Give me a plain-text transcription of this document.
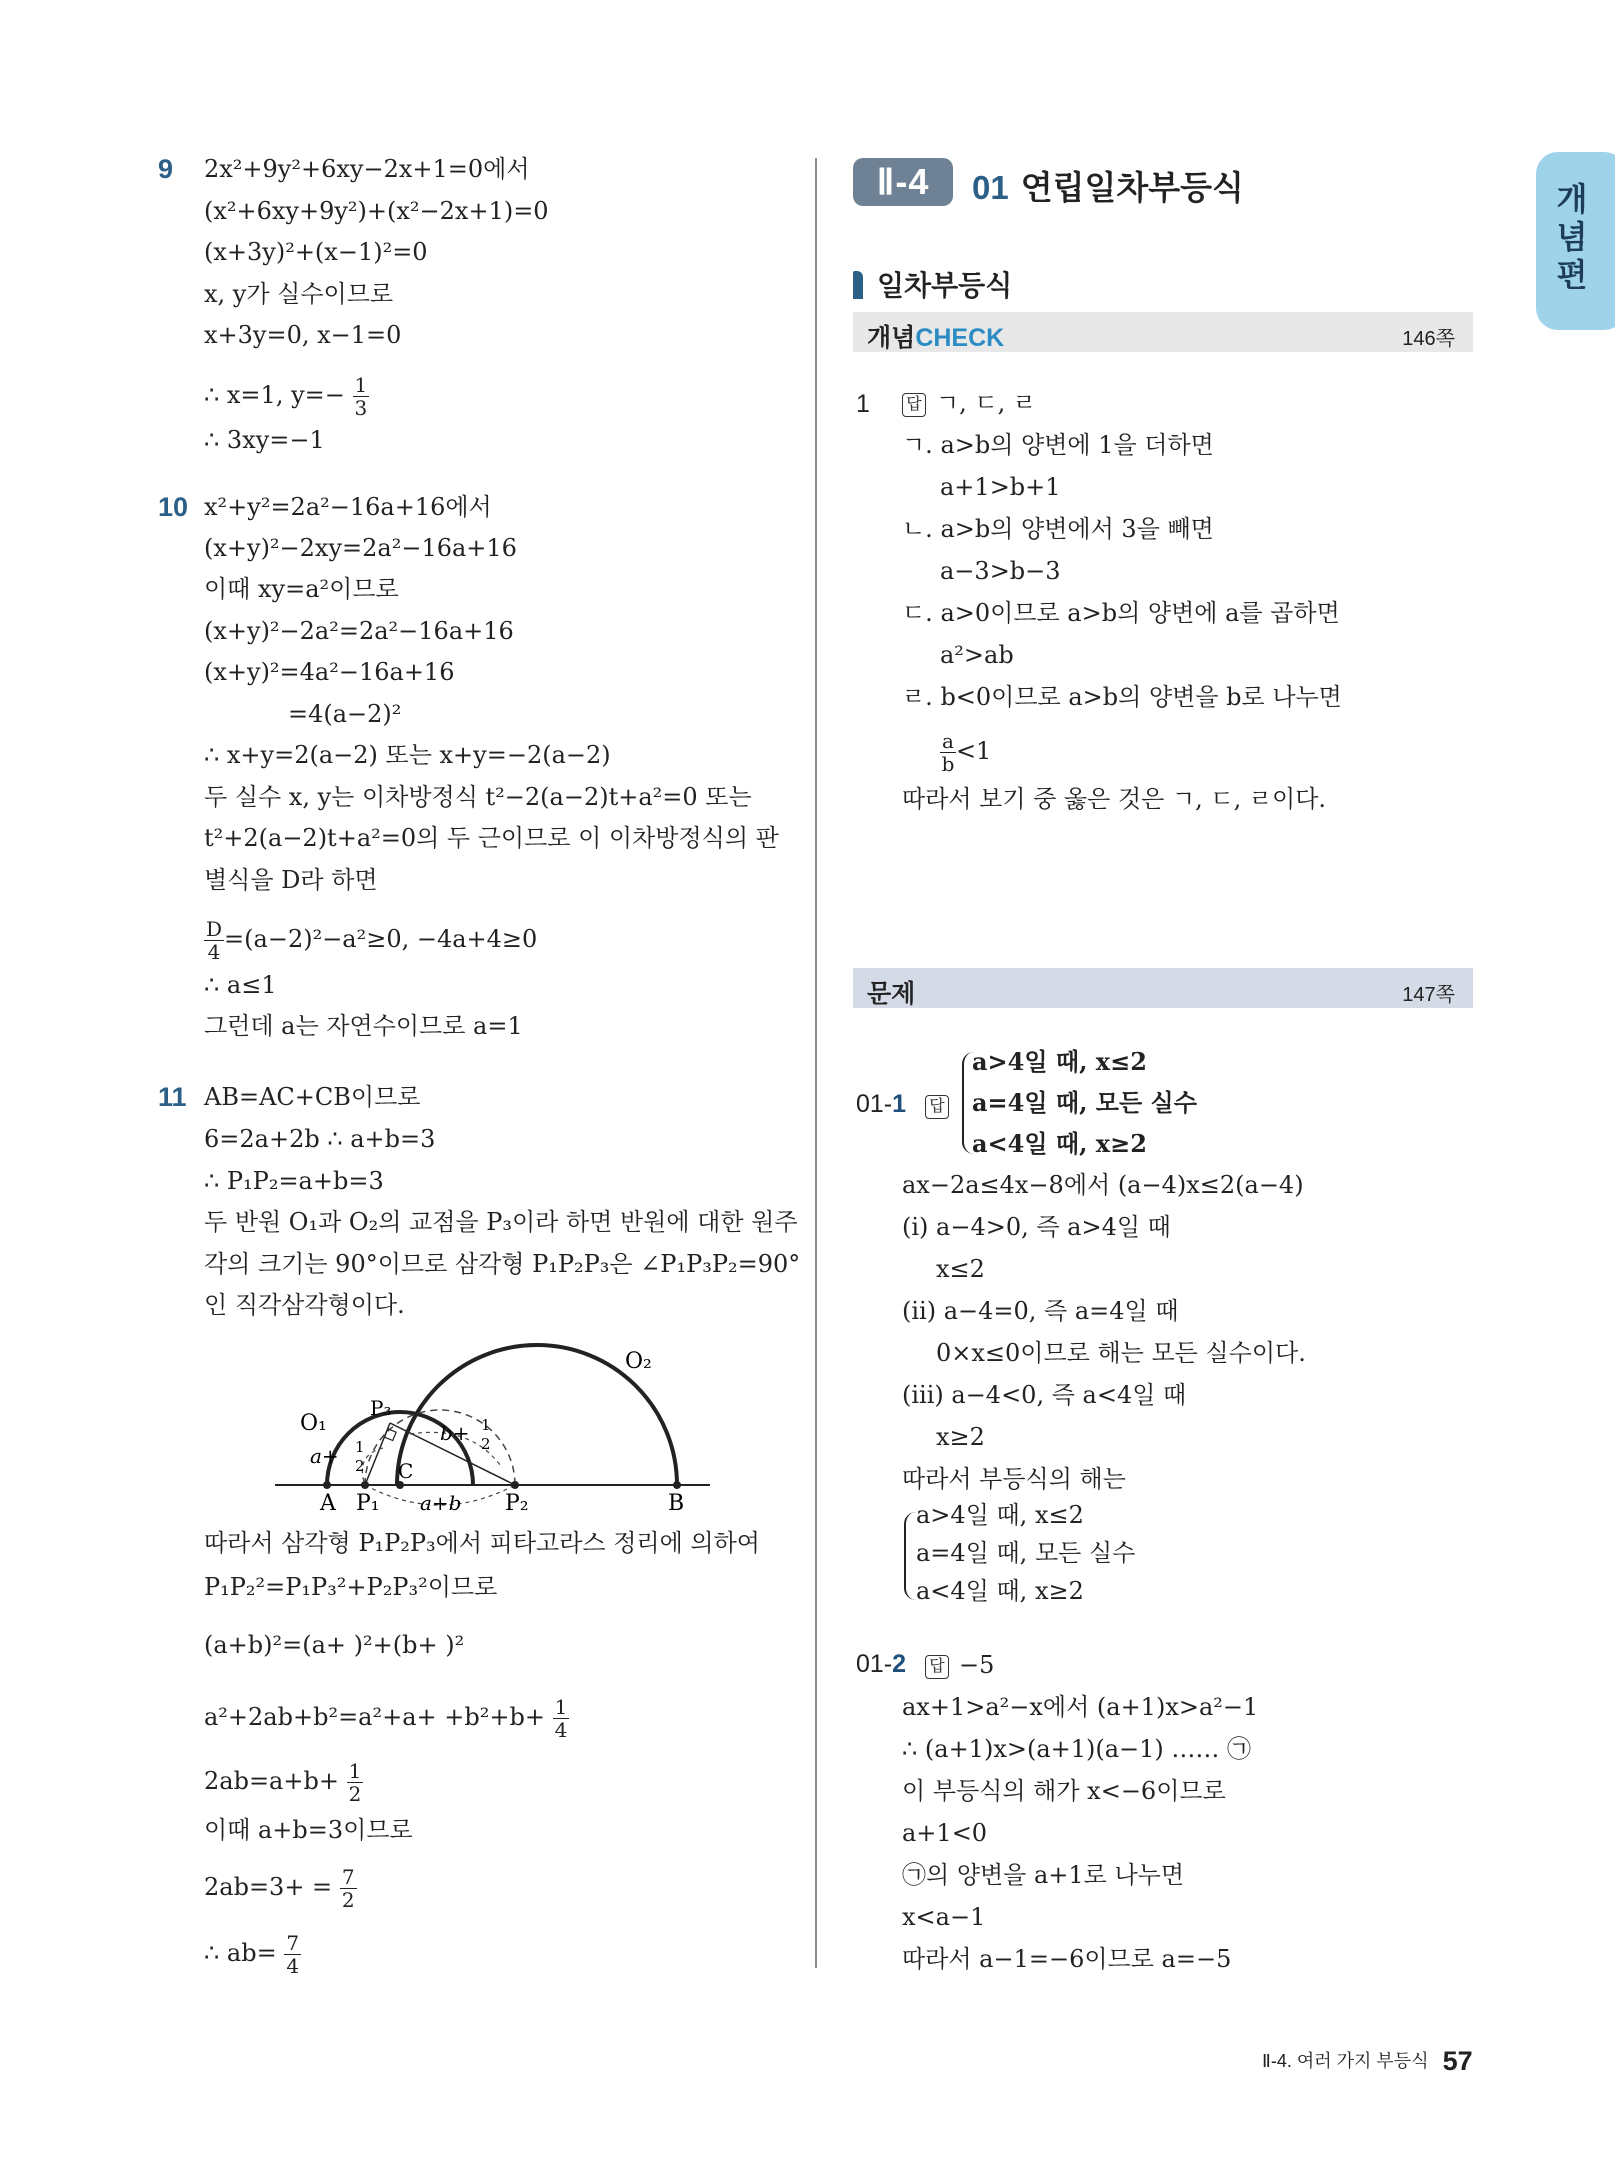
개념편
9 2x²+9y²+6xy−2x+1=0에서
(x²+6xy+9y²)+(x²−2x+1)=0
(x+3y)²+(x−1)²=0
x, y가 실수이므로
x+3y=0, x−1=0
∴ x=1, $y=- \frac{1}{3}$
∴ 3xy=−1
10 x²+y²=2a²−16a+16에서
(x+y)²−2xy=2a²−16a+16
이때 xy=a²이므로
(x+y)²−2a²=2a²−16a+16
(x+y)²=4a²−16a+16
=4(a−2)²
∴ x+y=2(a−2) 또는 x+y=−2(a−2)
두 실수 x, y는 이차방정식 t²−2(a−2)t+a²=0 또는
t²+2(a−2)t+a²=0의 두 근이므로 이 이차방정식의 판
별식을 D라 하면
$\frac{D}{4} =(a-2)^2-a^2\ge 0$, −4a+4≥0
∴ a≤1
그런데 a는 자연수이므로 a=1
11 AB=AC+CB이므로
6=2a+2b ∴ a+b=3
∴ P₁P₂=a+b=3
두 반원 O₁과 O₂의 교점을 P₃이라 하면 반원에 대한 원주
각의 크기는 90°이므로 삼각형 P₁P₂P₃은 ∠P₁P₃P₂=90°
인 직각삼각형이다.
O₁
O₂
P₃
A P₁
C
P₂	B
a+ 1
2
b+ 1
2
a+b
따라서 삼각형 P₁P₂P₃에서 피타고라스 정리에 의하여
P₁P₂²=P₁P₃²+P₂P₃²이므로
(a+b)²=(a+ )²+(b+ )²
$a^2+2ab+b^2=a^2+a+ +b^2+b+ \frac{1}{4}$
$2ab=a+b+ \frac{1}{2}$
이때 a+b=3이므로
$2ab=3+ = \frac{7}{2}$
∴ $ab= \frac{7}{4}$
Ⅱ-4	01 연립일차부등식
일차부등식
개념CHECK	146쪽
1 답 ㄱ, ㄷ, ㄹ
ㄱ. a>b의 양변에 1을 더하면
a+1>b+1
ㄴ. a>b의 양변에서 3을 빼면
a−3>b−3
ㄷ. a>0이므로 a>b의 양변에 a를 곱하면
a²>ab
ㄹ. b<0이므로 a>b의 양변을 b로 나누면
$\frac{a}{b} <1$
따라서 보기 중 옳은 것은 ㄱ, ㄷ, ㄹ이다.
문제	147쪽
01-1 답
a>4일 때, x≤2
a=4일 때, 모든 실수
a<4일 때, x≥2
ax−2a≤4x−8에서 (a−4)x≤2(a−4)
(ⅰ) a−4>0, 즉 a>4일 때
x≤2
(ⅱ) a−4=0, 즉 a=4일 때
0×x≤0이므로 해는 모든 실수이다.
(ⅲ) a−4<0, 즉 a<4일 때
x≥2
따라서 부등식의 해는
a>4일 때, x≤2
a=4일 때, 모든 실수
a<4일 때, x≥2
01-2 답 −5
ax+1>a²−x에서 (a+1)x>a²−1
∴ (a+1)x>(a+1)(a−1) …… ㉠
이 부등식의 해가 x<−6이므로
a+1<0
㉠의 양변을 a+1로 나누면
x<a−1
따라서 a−1=−6이므로 a=−5
Ⅱ-4. 여러 가지 부등식 57
